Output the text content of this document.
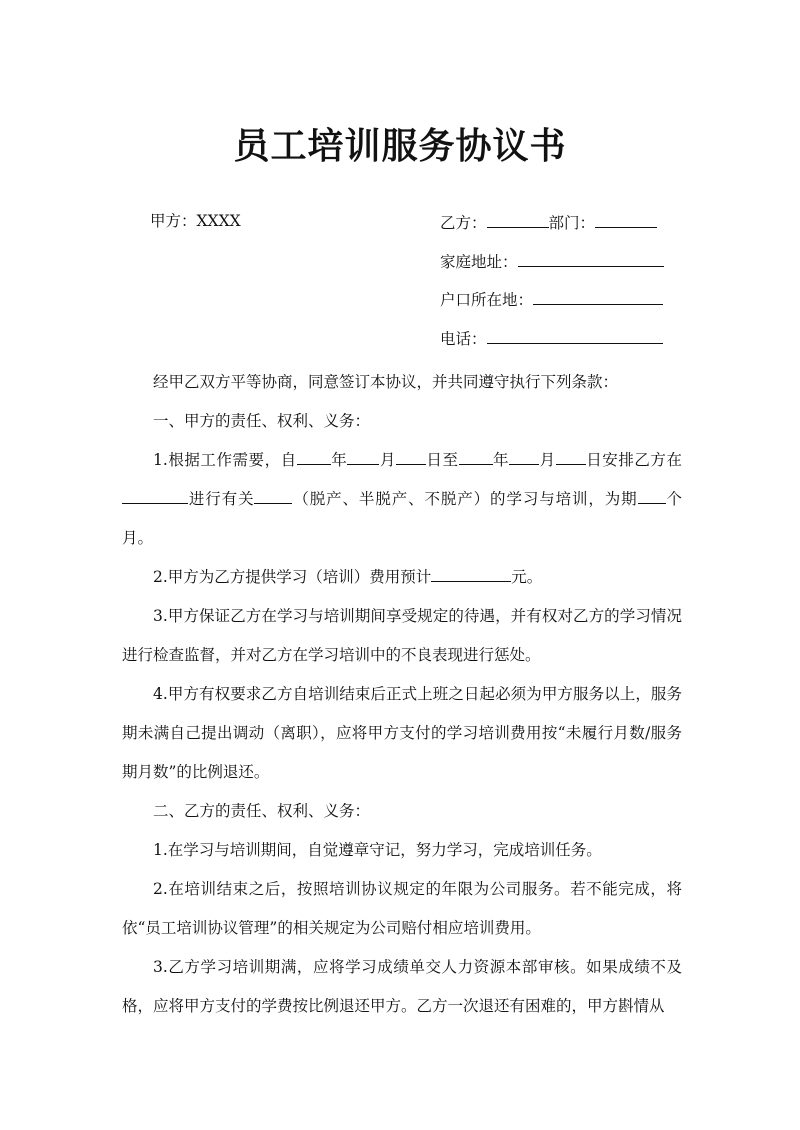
员工培训服务协议书
甲方：XXXX	乙方：	部门：
家庭地址：
户口所在地：
电话：

经甲乙双方平等协商，同意签订本协议，并共同遵守执行下列条款：

一、甲方的责任、权利、义务：

1.根据工作需要，自 年 月 日至 年 月 日安排乙方在进行有关 （脱产、半脱产、不脱产）的学习与培训，为期 个月。

2.甲方为乙方提供学习（培训）费用预计	元。

3.甲方保证乙方在学习与培训期间享受规定的待遇，并有权对乙方的学习情况进行检查监督，并对乙方在学习培训中的不良表现进行惩处。

4.甲方有权要求乙方自培训结束后正式上班之日起必须为甲方服务以上，服务期未满自己提出调动（离职），应将甲方支付的学习培训费用按“未履行月数/服务期月数”的比例退还。

二、乙方的责任、权利、义务：

1.在学习与培训期间，自觉遵章守记，努力学习，完成培训任务。

2.在培训结束之后，按照培训协议规定的年限为公司服务。若不能完成，将依“员工培训协议管理”的相关规定为公司赔付相应培训费用。

3.乙方学习培训期满，应将学习成绩单交人力资源本部审核。如果成绩不及格，应将甲方支付的学费按比例退还甲方。乙方一次退还有困难的，甲方斟情从
